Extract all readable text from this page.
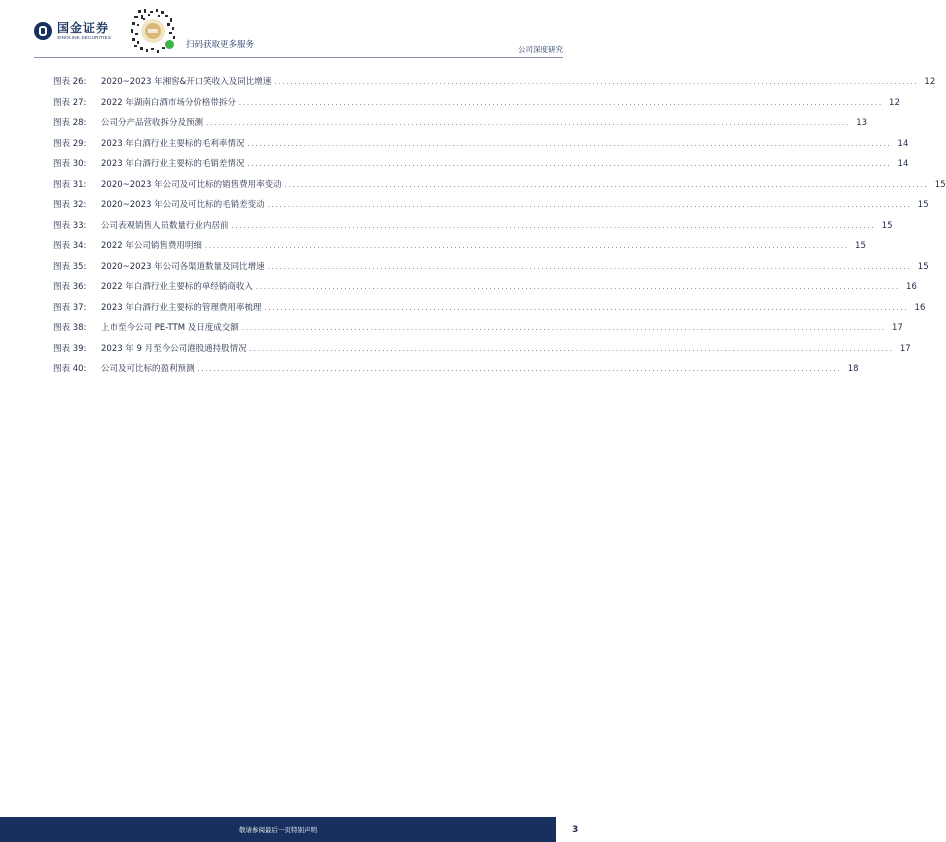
国金证券
SINOLINK SECURITIES
扫码获取更多服务	公司深度研究
图表 26:	2020~2023 年湘窖&开口笑收入及同比增速 ................................................................................................................................................................ 12
图表 27:	2022 年湖南白酒市场分价格带拆分 ................................................................................................................................................................ 12
图表 28:	公司分产品营收拆分及预测 ................................................................................................................................................................ 13
图表 29:	2023 年白酒行业主要标的毛利率情况 ................................................................................................................................................................ 14
图表 30:	2023 年白酒行业主要标的毛销差情况 ................................................................................................................................................................ 14
图表 31:	2020~2023 年公司及可比标的销售费用率变动 ................................................................................................................................................................ 15
图表 32:	2020~2023 年公司及可比标的毛销差变动 ................................................................................................................................................................ 15
图表 33:	公司表观销售人员数量行业内居前 ................................................................................................................................................................ 15
图表 34:	2022 年公司销售费用明细 ................................................................................................................................................................ 15
图表 35:	2020~2023 年公司各渠道数量及同比增速 ................................................................................................................................................................ 15
图表 36:	2022 年白酒行业主要标的单经销商收入 ................................................................................................................................................................ 16
图表 37:	2023 年白酒行业主要标的管理费用率梳理 ................................................................................................................................................................ 16
图表 38:	上市至今公司 PE-TTM 及日度成交额 ................................................................................................................................................................ 17
图表 39:	2023 年 9 月至今公司港股通持股情况 ................................................................................................................................................................ 17
图表 40:	公司及可比标的盈利预测 ................................................................................................................................................................ 18
敬请参阅最后一页特别声明	3
